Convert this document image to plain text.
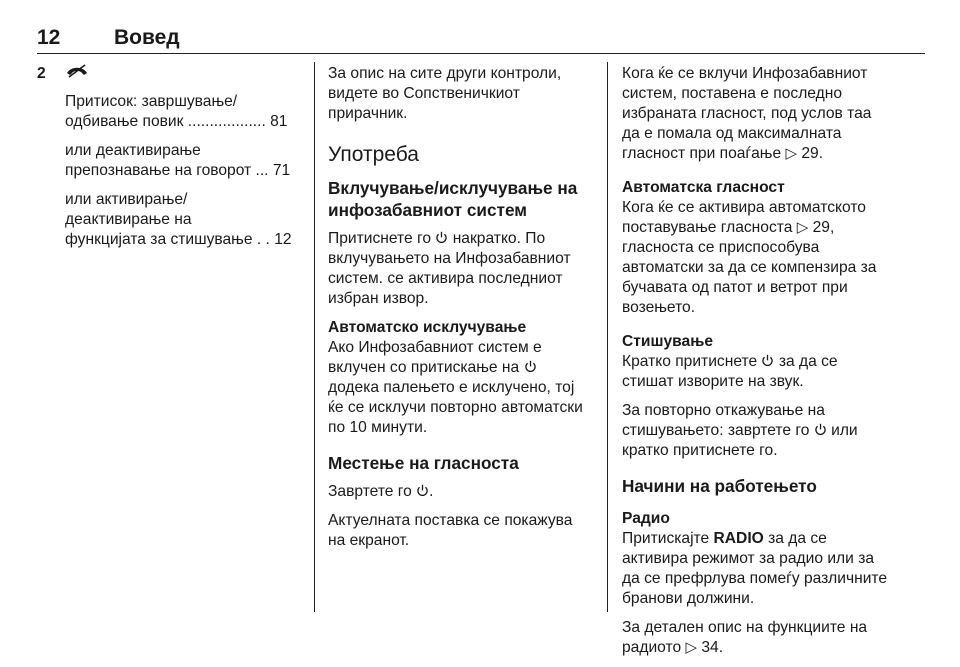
12	Вовед
2
Притисок: завршување/
одбивање повик .................. 81
или деактивирање
препознавање на говорот ... 71
или активирање/
деактивирање на
функцијата за стишување . . 12

За опис на сите други контроли, видете во Сопственичкиот прирачник.

Употреба
Вклучување/исклучување на инфозабавниот систем

Притиснете го накратко. По вклучувањето на Инфозабавниот систем. се активира последниот избран извор.

Автоматско исклучување

Ако Инфозабавниот систем е вклучен со притискање на  додека палењето е исклучено, тој ќе се исклучи повторно автоматски по 10 минути.

Местење на гласноста

Завртете го .

Актуелната поставка се покажува на екранот.

Кога ќе се вклучи Инфозабавниот систем, поставена е последно избраната гласност, под услов таа да е помала од максималната гласност при поаѓање ▷ 29.

Автоматска гласност

Кога ќе се активира автоматското поставување гласноста ▷ 29, гласноста се приспособува автоматски за да се компензира за бучавата од патот и ветрот при возењето.

Стишување

Кратко притиснете за да се стишат изворите на звук.

За повторно откажување на стишувањето: завртете го или кратко притиснете го.

Начини на работењето
Радио

Притискајте RADIO за да се активира режимот за радио или за да се префрлува помеѓу различните бранови должини.

За детален опис на функциите на радиото ▷ 34.
